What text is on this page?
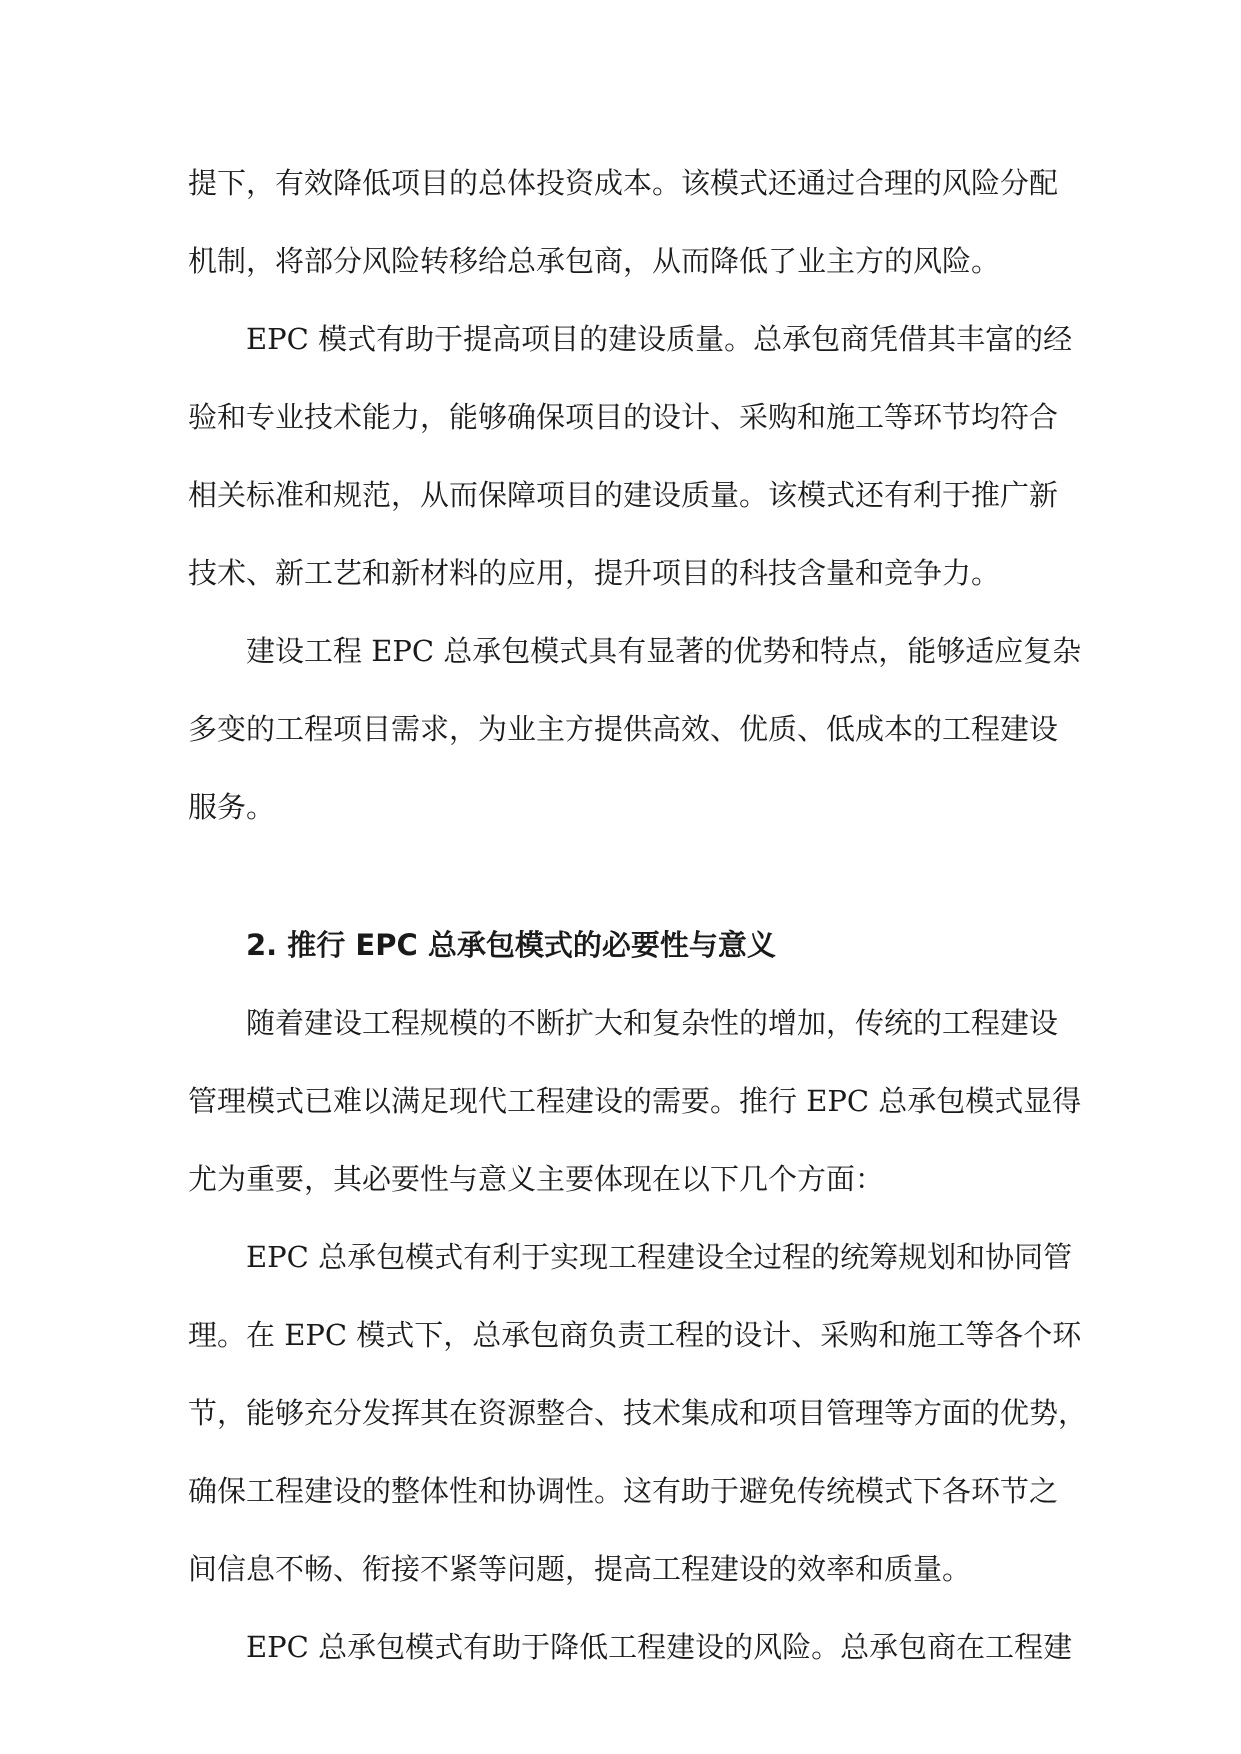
提下，有效降低项目的总体投资成本。该模式还通过合理的风险分配
机制，将部分风险转移给总承包商，从而降低了业主方的风险。
EPC 模式有助于提高项目的建设质量。总承包商凭借其丰富的经
验和专业技术能力，能够确保项目的设计、采购和施工等环节均符合
相关标准和规范，从而保障项目的建设质量。该模式还有利于推广新
技术、新工艺和新材料的应用，提升项目的科技含量和竞争力。
建设工程 EPC 总承包模式具有显著的优势和特点，能够适应复杂
多变的工程项目需求，为业主方提供高效、优质、低成本的工程建设
服务。
2. 推行 EPC 总承包模式的必要性与意义
随着建设工程规模的不断扩大和复杂性的增加，传统的工程建设
管理模式已难以满足现代工程建设的需要。推行 EPC 总承包模式显得
尤为重要，其必要性与意义主要体现在以下几个方面：
EPC 总承包模式有利于实现工程建设全过程的统筹规划和协同管
理。在 EPC 模式下，总承包商负责工程的设计、采购和施工等各个环
节，能够充分发挥其在资源整合、技术集成和项目管理等方面的优势，
确保工程建设的整体性和协调性。这有助于避免传统模式下各环节之
间信息不畅、衔接不紧等问题，提高工程建设的效率和质量。
EPC 总承包模式有助于降低工程建设的风险。总承包商在工程建
